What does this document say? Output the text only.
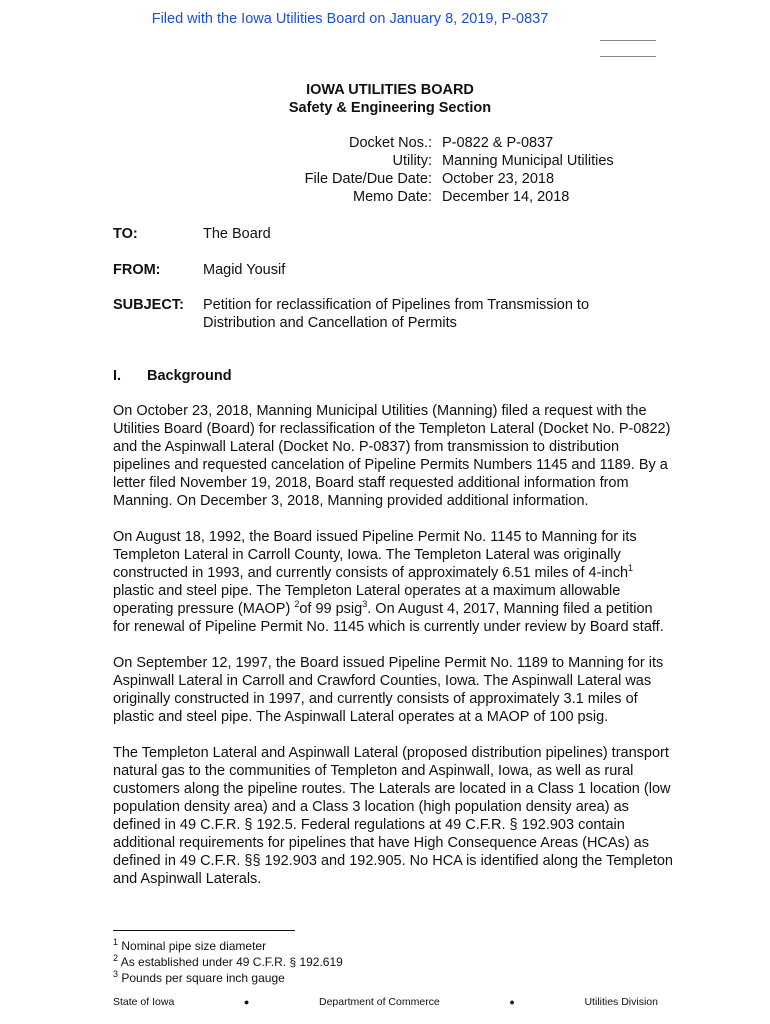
Filed with the Iowa Utilities Board on January 8, 2019, P-0837
IOWA UTILITIES BOARD
Safety & Engineering Section
Docket Nos.: P-0822 & P-0837
Utility: Manning Municipal Utilities
File Date/Due Date: October 23, 2018
Memo Date: December 14, 2018
TO:	The Board
FROM:	Magid Yousif
SUBJECT:	Petition for reclassification of Pipelines from Transmission to Distribution and Cancellation of Permits
I.	Background

On October 23, 2018, Manning Municipal Utilities (Manning) filed a request with the Utilities Board (Board) for reclassification of the Templeton Lateral (Docket No. P-0822) and the Aspinwall Lateral (Docket No. P-0837) from transmission to distribution pipelines and requested cancelation of Pipeline Permits Numbers 1145 and 1189. By a letter filed November 19, 2018, Board staff requested additional information from Manning. On December 3, 2018, Manning provided additional information.

On August 18, 1992, the Board issued Pipeline Permit No. 1145 to Manning for its Templeton Lateral in Carroll County, Iowa. The Templeton Lateral was originally constructed in 1993, and currently consists of approximately 6.51 miles of 4-inch$^1$ plastic and steel pipe. The Templeton Lateral operates at a maximum allowable operating pressure (MAOP) $^2$of 99 psig$^3$. On August 4, 2017, Manning filed a petition for renewal of Pipeline Permit No. 1145 which is currently under review by Board staff.

On September 12, 1997, the Board issued Pipeline Permit No. 1189 to Manning for its Aspinwall Lateral in Carroll and Crawford Counties, Iowa. The Aspinwall Lateral was originally constructed in 1997, and currently consists of approximately 3.1 miles of plastic and steel pipe. The Aspinwall Lateral operates at a MAOP of 100 psig.

The Templeton Lateral and Aspinwall Lateral (proposed distribution pipelines) transport natural gas to the communities of Templeton and Aspinwall, Iowa, as well as rural customers along the pipeline routes. The Laterals are located in a Class 1 location (low population density area) and a Class 3 location (high population density area) as defined in 49 C.F.R. § 192.5. Federal regulations at 49 C.F.R. § 192.903 contain additional requirements for pipelines that have High Consequence Areas (HCAs) as defined in 49 C.F.R. §§ 192.903 and 192.905. No HCA is identified along the Templeton and Aspinwall Laterals.

$^1$ Nominal pipe size diameter
$^2$ As established under 49 C.F.R. § 192.619
$^3$ Pounds per square inch gauge
State of Iowa	●	Department of Commerce	●	Utilities Division
